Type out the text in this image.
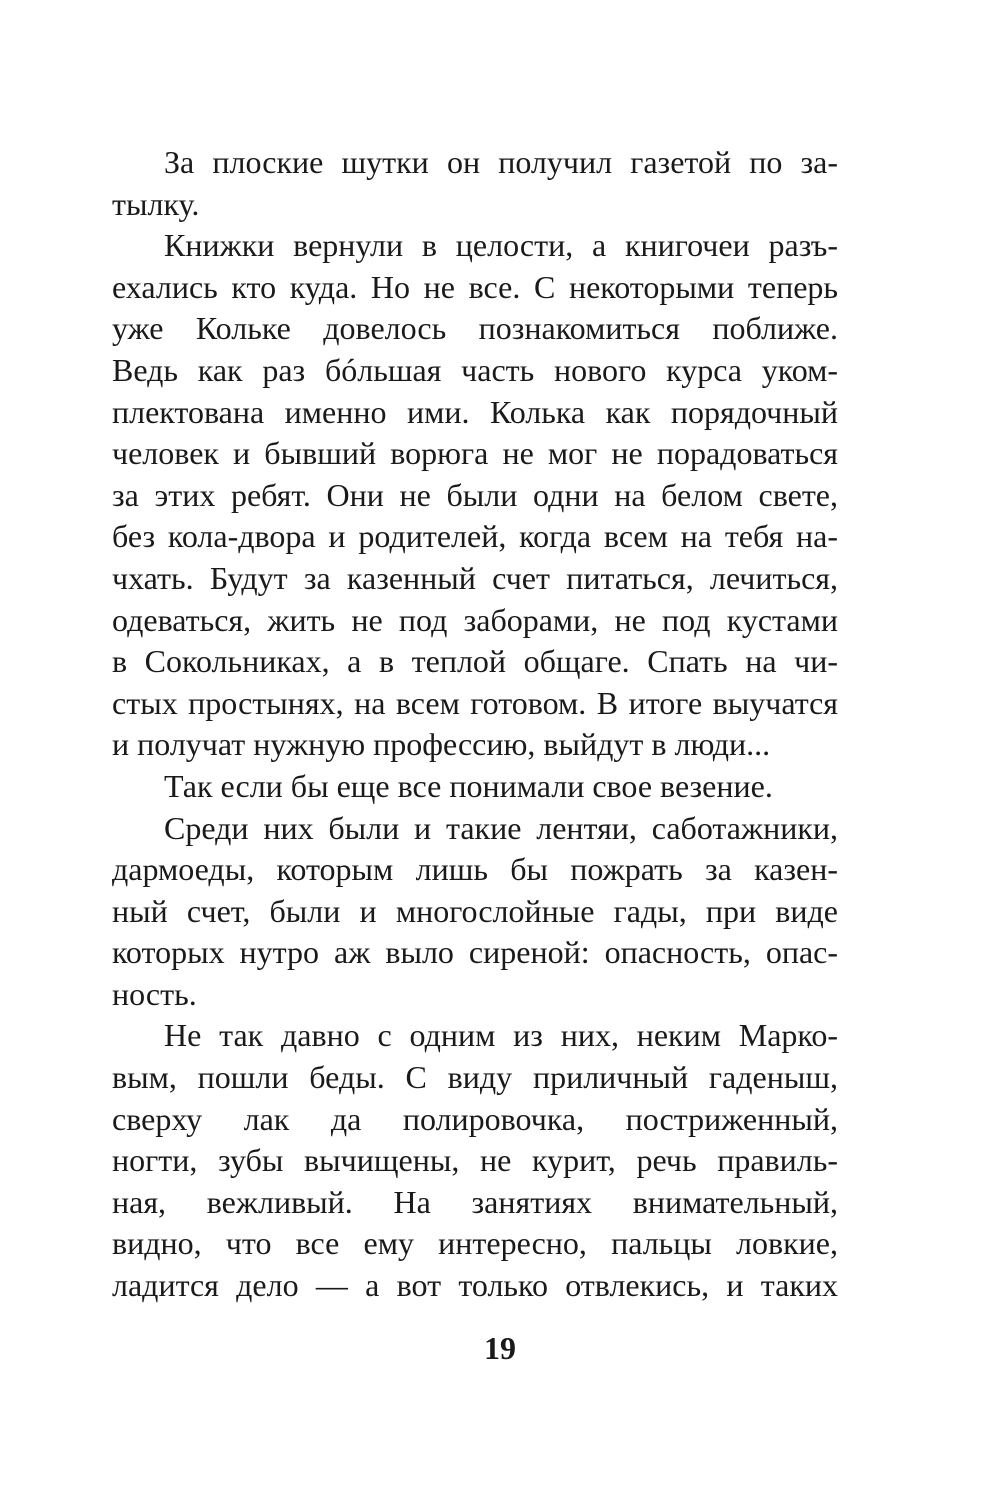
За плоские шутки он получил газетой по за-
тылку.
Книжки вернули в целости, а книгочеи разъ-
ехались кто куда. Но не все. С некоторыми теперь
уже Кольке довелось познакомиться поближе.
Ведь как раз бóльшая часть нового курса уком-
плектована именно ими. Колька как порядочный
человек и бывший ворюга не мог не порадоваться
за этих ребят. Они не были одни на белом свете,
без кола-двора и родителей, когда всем на тебя на-
чхать. Будут за казенный счет питаться, лечиться,
одеваться, жить не под заборами, не под кустами
в Сокольниках, а в теплой общаге. Спать на чи-
стых простынях, на всем готовом. В итоге выучатся
и получат нужную профессию, выйдут в люди...
Так если бы еще все понимали свое везение.
Среди них были и такие лентяи, саботажники,
дармоеды, которым лишь бы пожрать за казен-
ный счет, были и многослойные гады, при виде
которых нутро аж выло сиреной: опасность, опас-
ность.
Не так давно с одним из них, неким Марко-
вым, пошли беды. С виду приличный гаденыш,
сверху лак да полировочка, постриженный,
ногти, зубы вычищены, не курит, речь правиль-
ная, вежливый. На занятиях внимательный,
видно, что все ему интересно, пальцы ловкие,
ладится дело — а вот только отвлекись, и таких
19
